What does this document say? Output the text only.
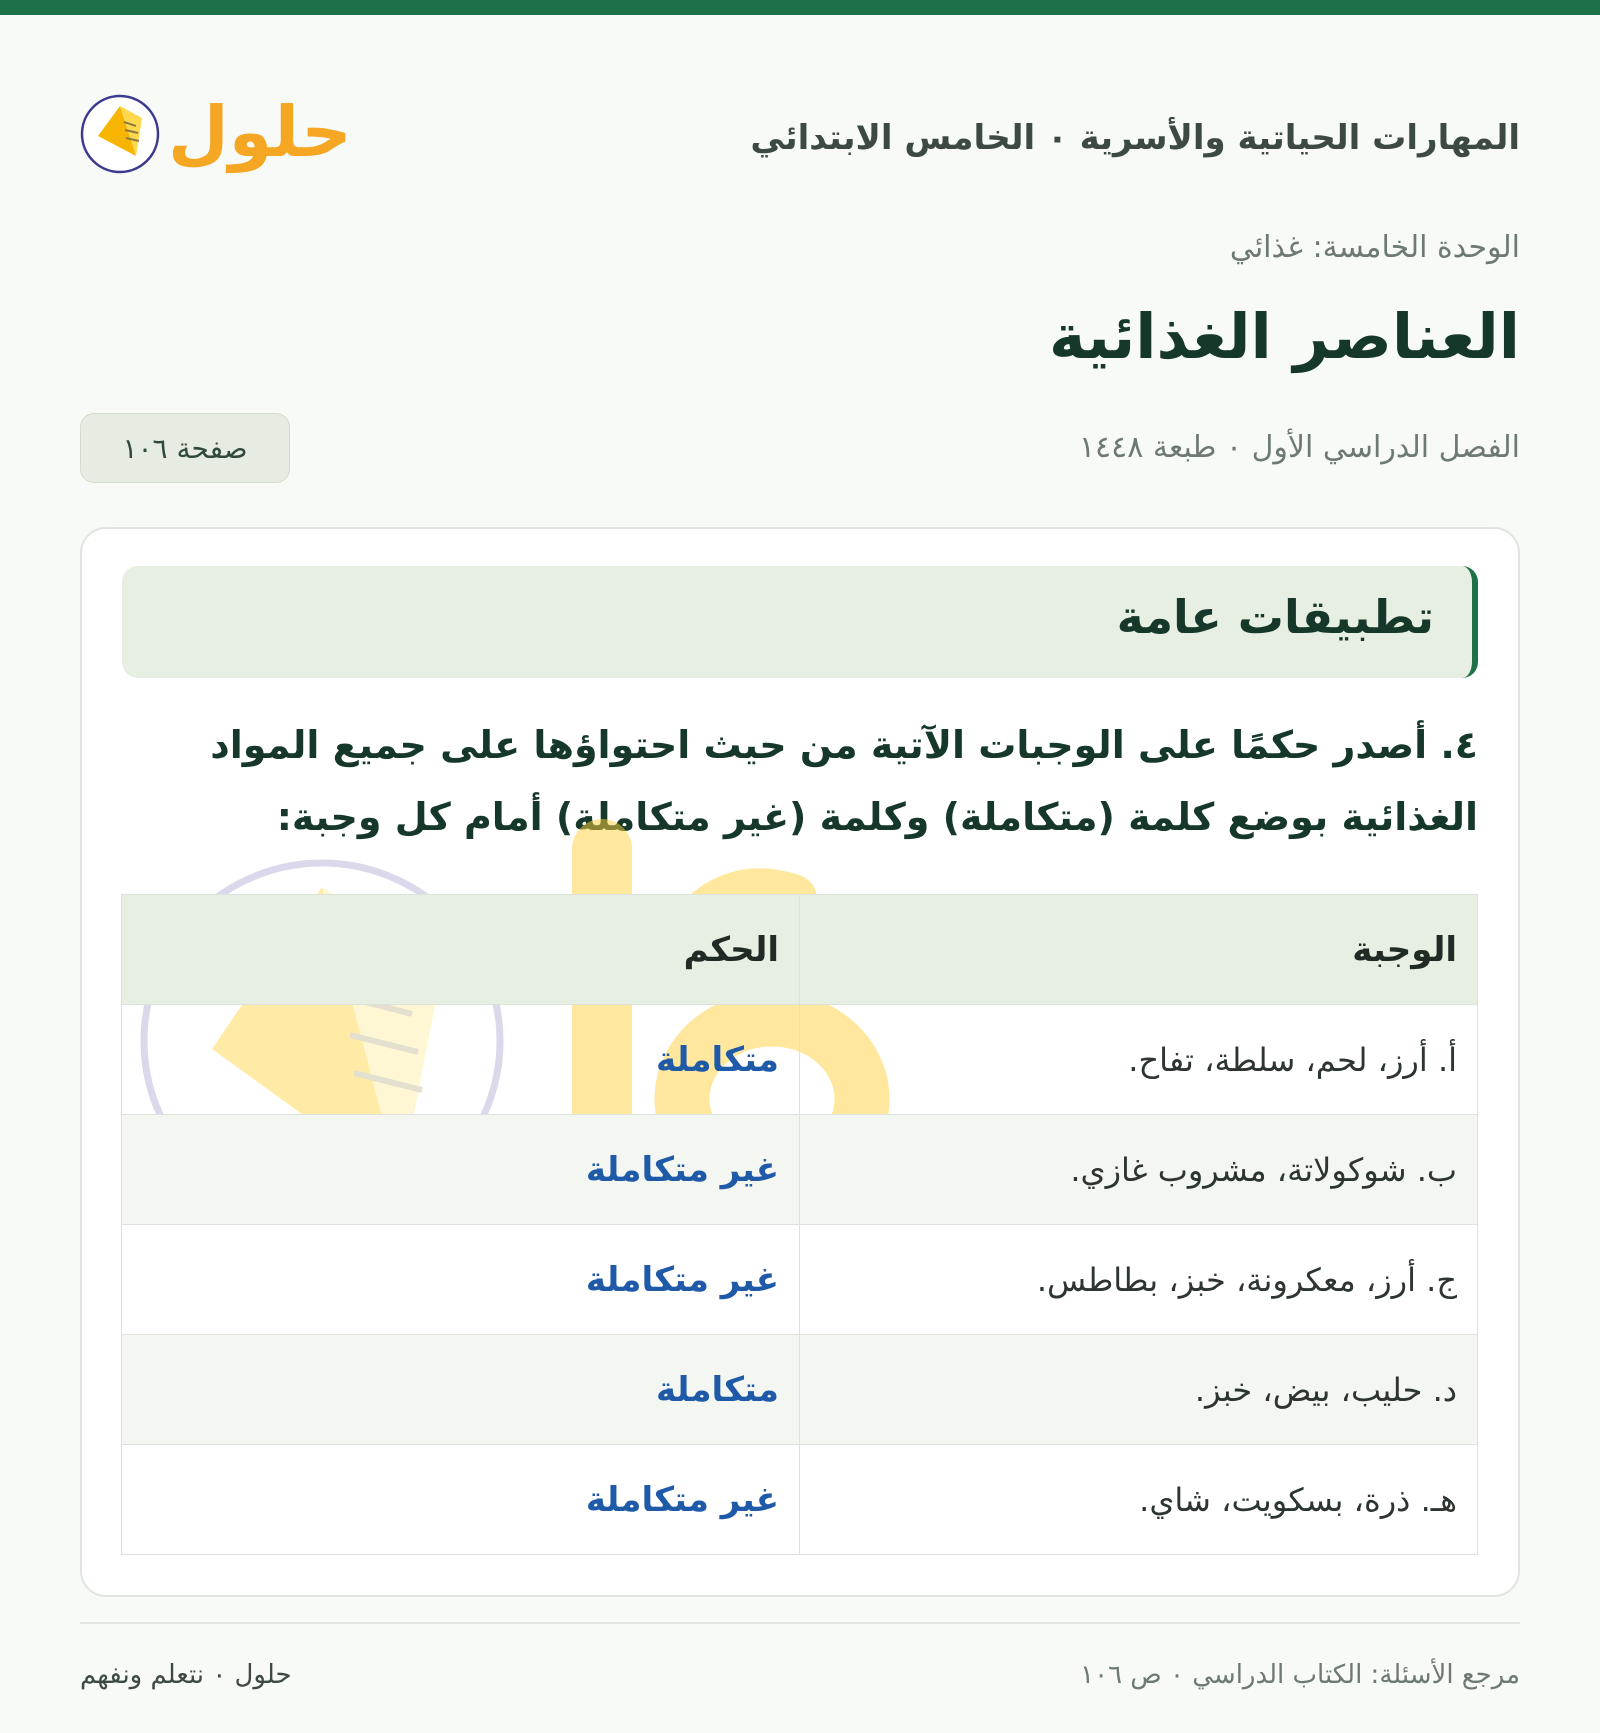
المهارات الحياتية والأسرية ٠ الخامس الابتدائي
حلول
الوحدة الخامسة: غذائي
العناصر الغذائية
الفصل الدراسي الأول ٠ طبعة ١٤٤٨
صفحة ١٠٦
تطبيقات عامة
٤. أصدر حكمًا على الوجبات الآتية من حيث احتواؤها على جميع المواد الغذائية بوضع كلمة (متكاملة) وكلمة (غير متكاملة) أمام كل وجبة:
الوجبة	الحكم
أ. أرز، لحم، سلطة، تفاح.	متكاملة
ب. شوكولاتة، مشروب غازي.	غير متكاملة
ج. أرز، معكرونة، خبز، بطاطس.	غير متكاملة
د. حليب، بيض، خبز.	متكاملة
هـ. ذرة، بسكويت، شاي.	غير متكاملة
مرجع الأسئلة: الكتاب الدراسي ٠ ص ١٠٦
حلول ٠ نتعلم ونفهم
